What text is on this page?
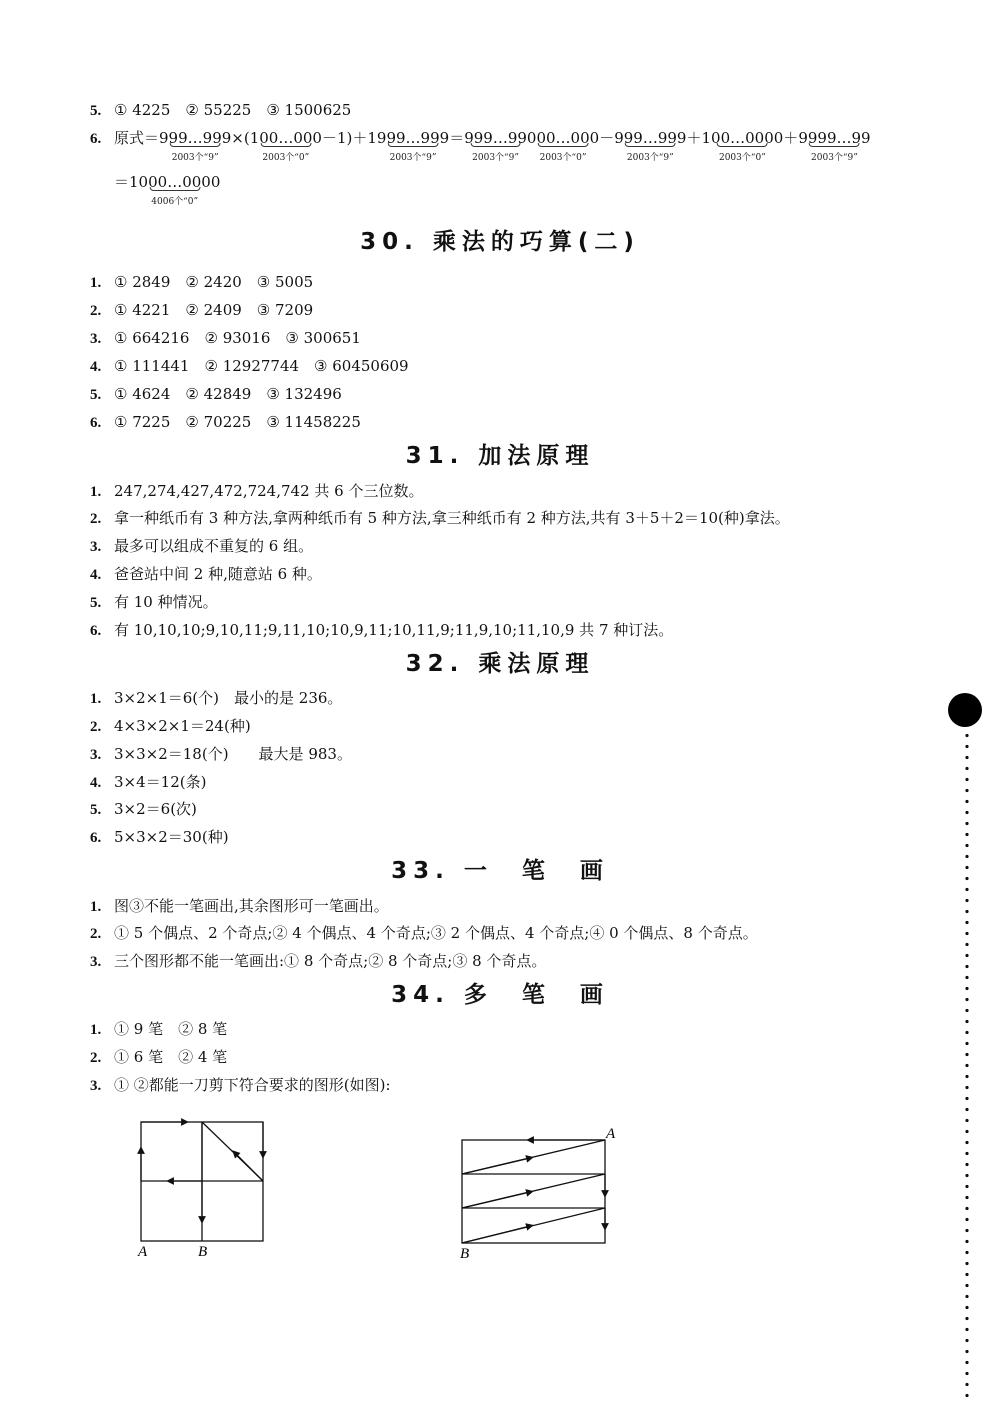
5. ① 4225　② 55225　③ 1500625
6. 原式＝999…999
2003个“9”
×(100…000
2003个“0”
－1)＋1999…999
2003个“9”
＝999…99
2003个“9”
000…000
2003个“0”
－999…999
2003个“9”
＋100…0000
2003个“0”
＋9999…99
2003个“9”
＝1000…0000
4006个“0”
30. 乘法的巧算(二)
1. ① 2849　② 2420　③ 5005
2. ① 4221　② 2409　③ 7209
3. ① 664216　② 93016　③ 300651
4. ① 111441　② 12927744　③ 60450609
5. ① 4624　② 42849　③ 132496
6. ① 7225　② 70225　③ 11458225
31. 加法原理
1. 247,274,427,472,724,742 共 6 个三位数。
2. 拿一种纸币有 3 种方法,拿两种纸币有 5 种方法,拿三种纸币有 2 种方法,共有 3＋5＋2＝10(种)拿法。
3. 最多可以组成不重复的 6 组。
4. 爸爸站中间 2 种,随意站 6 种。
5. 有 10 种情况。
6. 有 10,10,10;9,10,11;9,11,10;10,9,11;10,11,9;11,9,10;11,10,9 共 7 种订法。
32. 乘法原理
1. 3×2×1＝6(个)　最小的是 236。
2. 4×3×2×1＝24(种)
3. 3×3×2＝18(个)　　最大是 983。
4. 3×4＝12(条)
5. 3×2＝6(次)
6. 5×3×2＝30(种)
33. 一　笔　画
1. 图③不能一笔画出,其余图形可一笔画出。
2. ① 5 个偶点、2 个奇点;② 4 个偶点、4 个奇点;③ 2 个偶点、4 个奇点;④ 0 个偶点、8 个奇点。
3. 三个图形都不能一笔画出:① 8 个奇点;② 8 个奇点;③ 8 个奇点。
34. 多　笔　画
1. ① 9 笔　② 8 笔
2. ① 6 笔　② 4 笔
3. ① ②都能一刀剪下符合要求的图形(如图):
A	B
A
B
